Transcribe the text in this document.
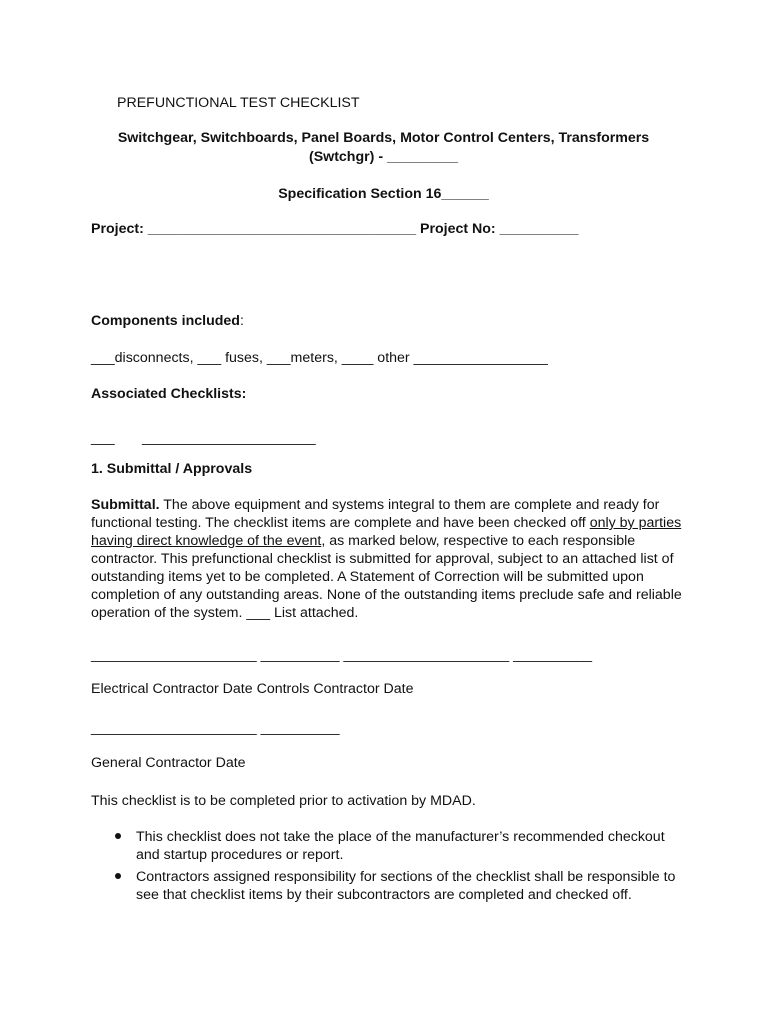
PREFUNCTIONAL TEST CHECKLIST
Switchgear, Switchboards, Panel Boards, Motor Control Centers, Transformers
(Swtchgr) - _________
Specification Section 16______
Project: __________________________________ Project No: __________
Components included:
___disconnects, ___ fuses, ___meters, ____ other _________________
Associated Checklists:
___ ______________________
1. Submittal / Approvals
Submittal. The above equipment and systems integral to them are complete and ready for functional testing. The checklist items are complete and have been checked off only by parties having direct knowledge of the event, as marked below, respective to each responsible contractor. This prefunctional checklist is submitted for approval, subject to an attached list of outstanding items yet to be completed. A Statement of Correction will be submitted upon completion of any outstanding areas. None of the outstanding items preclude safe and reliable operation of the system. ___ List attached.
_____________________ __________ _____________________ __________
Electrical Contractor Date Controls Contractor Date
_____________________ __________
General Contractor Date
This checklist is to be completed prior to activation by MDAD.
This checklist does not take the place of the manufacturer’s recommended checkout and startup procedures or report.
Contractors assigned responsibility for sections of the checklist shall be responsible to see that checklist items by their subcontractors are completed and checked off.
